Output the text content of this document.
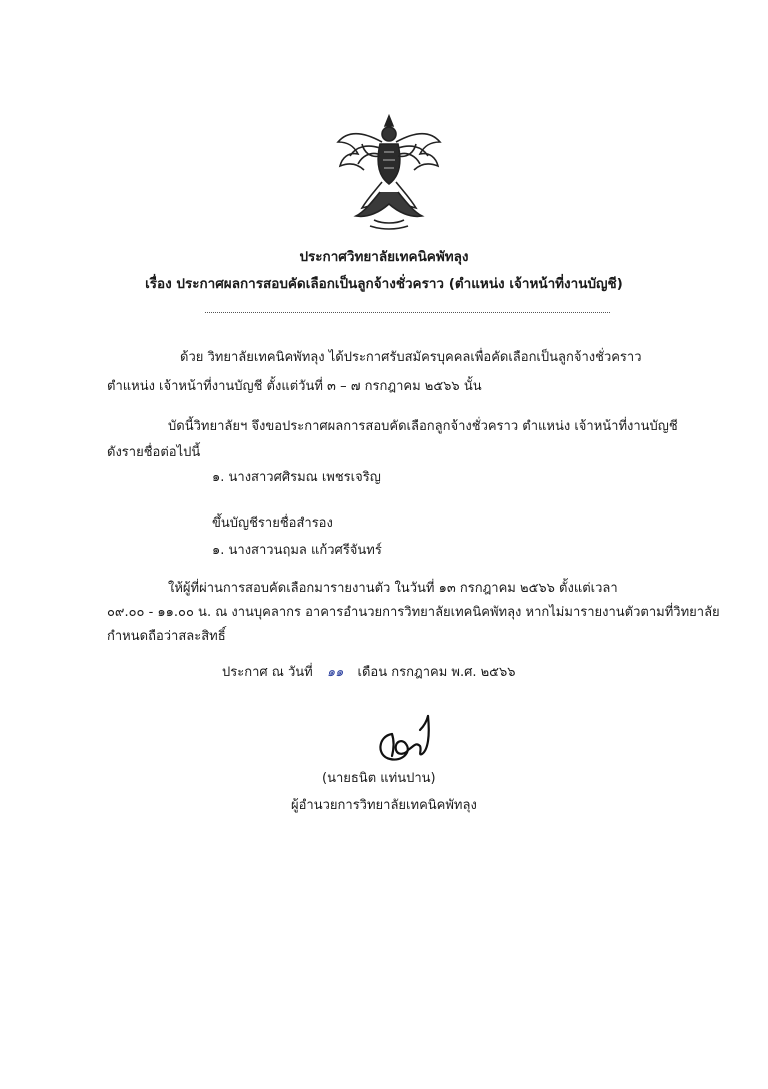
ประกาศวิทยาลัยเทคนิคพัทลุง
เรื่อง ประกาศผลการสอบคัดเลือกเป็นลูกจ้างชั่วคราว (ตำแหน่ง เจ้าหน้าที่งานบัญชี)
ด้วย วิทยาลัยเทคนิคพัทลุง ได้ประกาศรับสมัครบุคคลเพื่อคัดเลือกเป็นลูกจ้างชั่วคราว
ตำแหน่ง เจ้าหน้าที่งานบัญชี ตั้งแต่วันที่ ๓ – ๗ กรกฎาคม ๒๕๖๖ นั้น
บัดนี้วิทยาลัยฯ จึงขอประกาศผลการสอบคัดเลือกลูกจ้างชั่วคราว ตำแหน่ง เจ้าหน้าที่งานบัญชี
ดังรายชื่อต่อไปนี้
๑. นางสาวศศิรมณ เพชรเจริญ
ขึ้นบัญชีรายชื่อสำรอง
๑. นางสาวนฤมล แก้วศรีจันทร์
ให้ผู้ที่ผ่านการสอบคัดเลือกมารายงานตัว ในวันที่ ๑๓ กรกฎาคม ๒๕๖๖ ตั้งแต่เวลา
๐๙.๐๐ - ๑๑.๐๐ น. ณ งานบุคลากร อาคารอำนวยการวิทยาลัยเทคนิคพัทลุง หากไม่มารายงานตัวตามที่วิทยาลัย
กำหนดถือว่าสละสิทธิ์
ประกาศ ณ วันที่ ๑๑ เดือน กรกฎาคม พ.ศ. ๒๕๖๖
(นายธนิต แท่นปาน)
ผู้อำนวยการวิทยาลัยเทคนิคพัทลุง
